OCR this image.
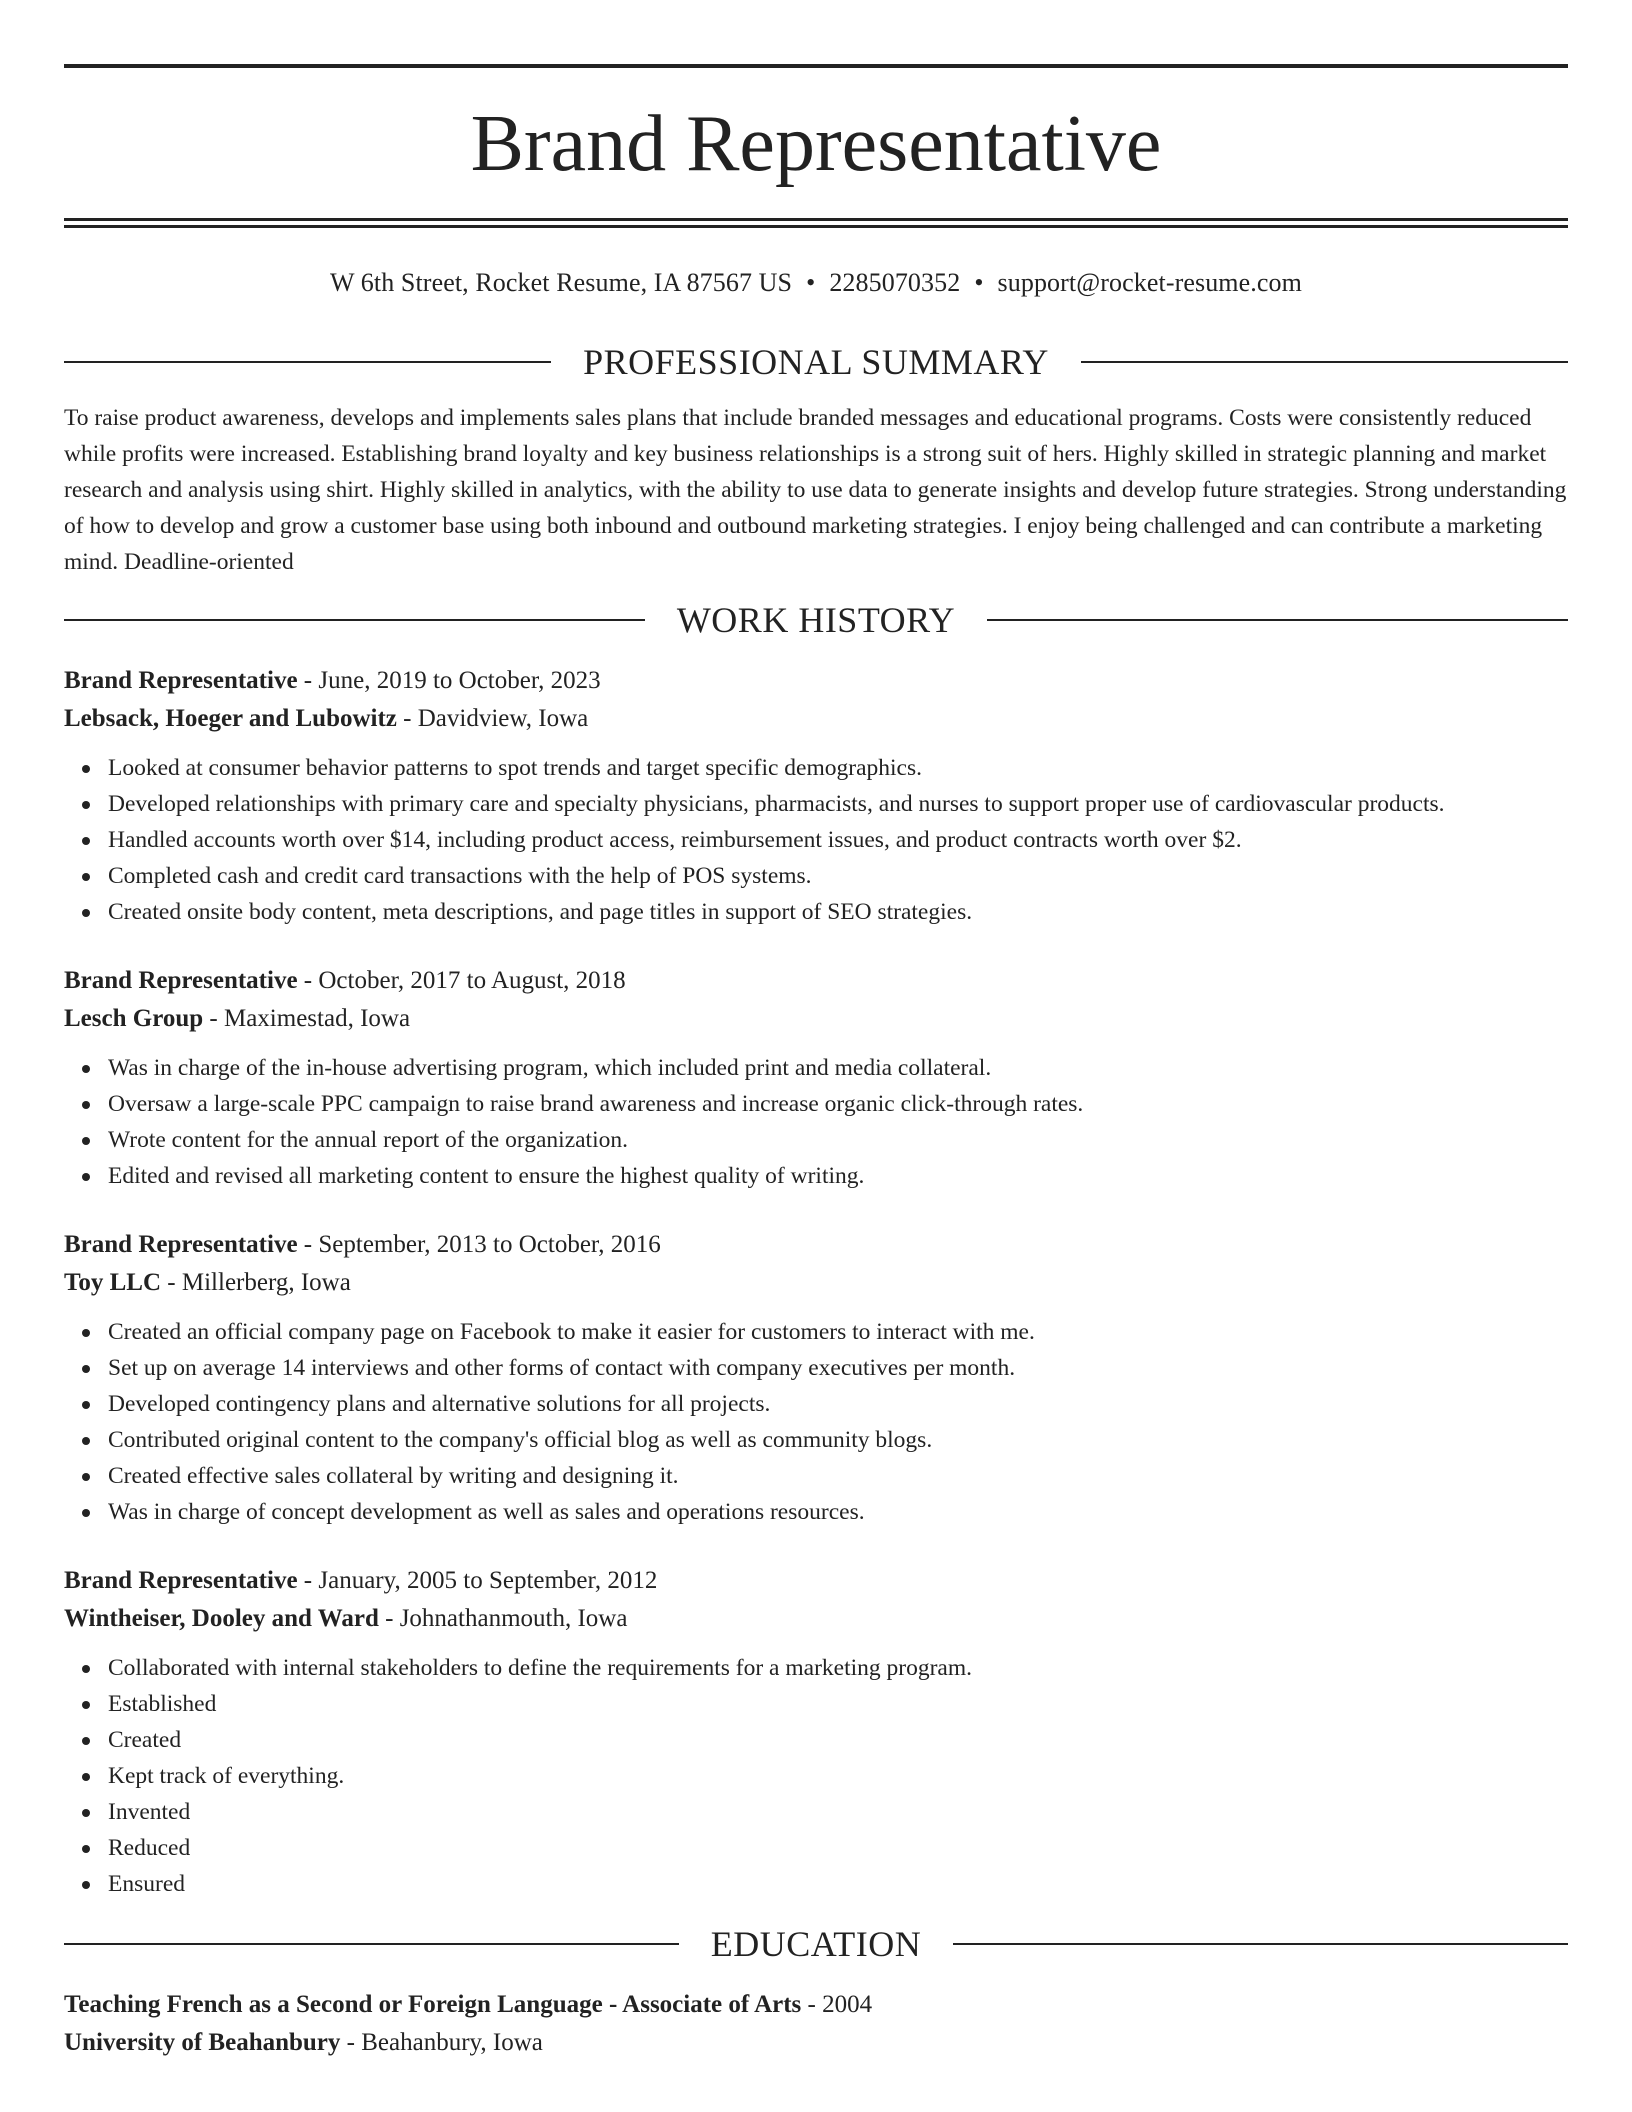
Brand Representative
W 6th Street, Rocket Resume, IA 87567 US • 2285070352 • support@rocket-resume.com
PROFESSIONAL SUMMARY

To raise product awareness, develops and implements sales plans that include branded messages and educational programs. Costs were consistently reduced while profits were increased. Establishing brand loyalty and key business relationships is a strong suit of hers. Highly skilled in strategic planning and market research and analysis using shirt. Highly skilled in analytics, with the ability to use data to generate insights and develop future strategies. Strong understanding of how to develop and grow a customer base using both inbound and outbound marketing strategies. I enjoy being challenged and can contribute a marketing mind. Deadline-oriented

WORK HISTORY

Brand Representative - June, 2019 to October, 2023

Lebsack, Hoeger and Lubowitz - Davidview, Iowa

Looked at consumer behavior patterns to spot trends and target specific demographics.
Developed relationships with primary care and specialty physicians, pharmacists, and nurses to support proper use of cardiovascular products.
Handled accounts worth over $14, including product access, reimbursement issues, and product contracts worth over $2.
Completed cash and credit card transactions with the help of POS systems.
Created onsite body content, meta descriptions, and page titles in support of SEO strategies.

Brand Representative - October, 2017 to August, 2018

Lesch Group - Maximestad, Iowa

Was in charge of the in-house advertising program, which included print and media collateral.
Oversaw a large-scale PPC campaign to raise brand awareness and increase organic click-through rates.
Wrote content for the annual report of the organization.
Edited and revised all marketing content to ensure the highest quality of writing.

Brand Representative - September, 2013 to October, 2016

Toy LLC - Millerberg, Iowa

Created an official company page on Facebook to make it easier for customers to interact with me.
Set up on average 14 interviews and other forms of contact with company executives per month.
Developed contingency plans and alternative solutions for all projects.
Contributed original content to the company's official blog as well as community blogs.
Created effective sales collateral by writing and designing it.
Was in charge of concept development as well as sales and operations resources.

Brand Representative - January, 2005 to September, 2012

Wintheiser, Dooley and Ward - Johnathanmouth, Iowa

Collaborated with internal stakeholders to define the requirements for a marketing program.
Established
Created
Kept track of everything.
Invented
Reduced
Ensured
EDUCATION

Teaching French as a Second or Foreign Language - Associate of Arts - 2004

University of Beahanbury - Beahanbury, Iowa
